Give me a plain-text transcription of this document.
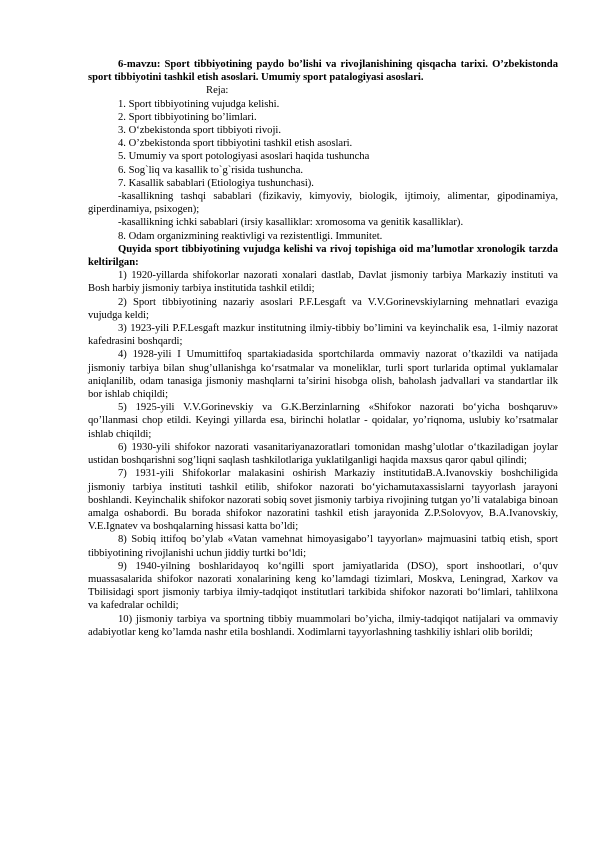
6-mavzu: Sport tibbiyotining paydo bo’lishi va rivojlanishining qisqacha tarixi. O’zbekistonda sport tibbiyotini tashkil etish asoslari. Umumiy sport patalogiyasi asoslari.

Reja:

1. Sport tibbiyotining vujudga kelishi.

2. Sport tibbiyotining bo’limlari.

3. O‘zbekistonda sport tibbiyoti rivoji.

4. O’zbekistonda sport tibbiyotini tashkil etish asoslari.

5. Umumiy va sport potologiyasi asoslari haqida tushuncha

6. Sog`liq va kasallik to`g`risida tushuncha.

7. Kasallik sabablari (Etiologiya tushunchasi).

-kasallikning tashqi sabablari (fizikaviy, kimyoviy, biologik, ijtimoiy, alimentar, gipodinamiya, giperdinamiya, psixogen);

-kasallikning ichki sabablari (irsiy kasalliklar: xromosoma va genitik kasalliklar).

8. Odam organizmining reaktivligi va rezistentligi. Immunitet.

Quyida sport tibbiyotining vujudga kelishi va rivoj topishiga oid ma’lumotlar xronologik tarzda keltirilgan:

1) 1920-yillarda shifokorlar nazorati xonalari dastlab, Davlat jismoniy tarbiya Markaziy instituti va Bosh harbiy jismoniy tarbiya institutida tashkil etildi;

2) Sport tibbiyotining nazariy asoslari P.F.Lesgaft va V.V.Gorinevskiylarning mehnatlari evaziga vujudga keldi;

3) 1923-yili P.F.Lesgaft mazkur institutning ilmiy-tibbiy bo’limini va keyinchalik esa, 1-ilmiy nazorat kafedrasini boshqardi;

4) 1928-yili I Umumittifoq spartakiadasida sportchilarda ommaviy nazorat o’tkazildi va natijada jismoniy tarbiya bilan shug’ullanishga ko‘rsatmalar va moneliklar, turli sport turlarida optimal yuklamalar aniqlanilib, odam tanasiga jismoniy mashqlarni ta’sirini hisobga olish, baholash jadvallari va standartlar ilk bor ishlab chiqildi;

5) 1925-yili V.V.Gorinevskiy va G.K.Berzinlarning «Shifokor nazorati bo‘yicha boshqaruv» qo’llanmasi chop etildi. Keyingi yillarda esa, birinchi holatlar - qoidalar, yo’riqnoma, uslubiy ko’rsatmalar ishlab chiqildi;

6) 1930-yili shifokor nazorati vasanitariyanazoratlari tomonidan mashg’ulotlar o‘tkaziladigan joylar ustidan boshqarishni sog’liqni saqlash tashkilotlariga yuklatilganligi haqida maxsus qaror qabul qilindi;

7) 1931-yili Shifokorlar malakasini oshirish Markaziy institutidaB.A.Ivanovskiy boshchiligida jismoniy tarbiya instituti tashkil etilib, shifokor nazorati bo‘yichamutaxassislarni tayyorlash jarayoni boshlandi. Keyinchalik shifokor nazorati sobiq sovet jismoniy tarbiya rivojining tutgan yo’li vatalabiga binoan amalga oshabordi. Bu borada shifokor nazoratini tashkil etish jarayonida Z.P.Solovyov, B.A.Ivanovskiy, V.E.Ignatev va boshqalarning hissasi katta bo’ldi;

8) Sobiq ittifoq bo’ylab «Vatan vamehnat himoyasigabo’l tayyorlan» majmuasini tatbiq etish, sport tibbiyotining rivojlanishi uchun jiddiy turtki bo‘ldi;

9) 1940-yilning boshlaridayoq ko‘ngilli sport jamiyatlarida (DSO), sport inshootlari, o‘quv muassasalarida shifokor nazorati xonalarining keng ko’lamdagi tizimlari, Moskva, Leningrad, Xarkov va Tbilisidagi sport jismoniy tarbiya ilmiy-tadqiqot institutlari tarkibida shifokor nazorati bo‘limlari, tahlilxona va kafedralar ochildi;

10) jismoniy tarbiya va sportning tibbiy muammolari bo’yicha, ilmiy-tadqiqot natijalari va ommaviy adabiyotlar keng ko’lamda nashr etila boshlandi. Xodimlarni tayyorlashning tashkiliy ishlari olib borildi;
